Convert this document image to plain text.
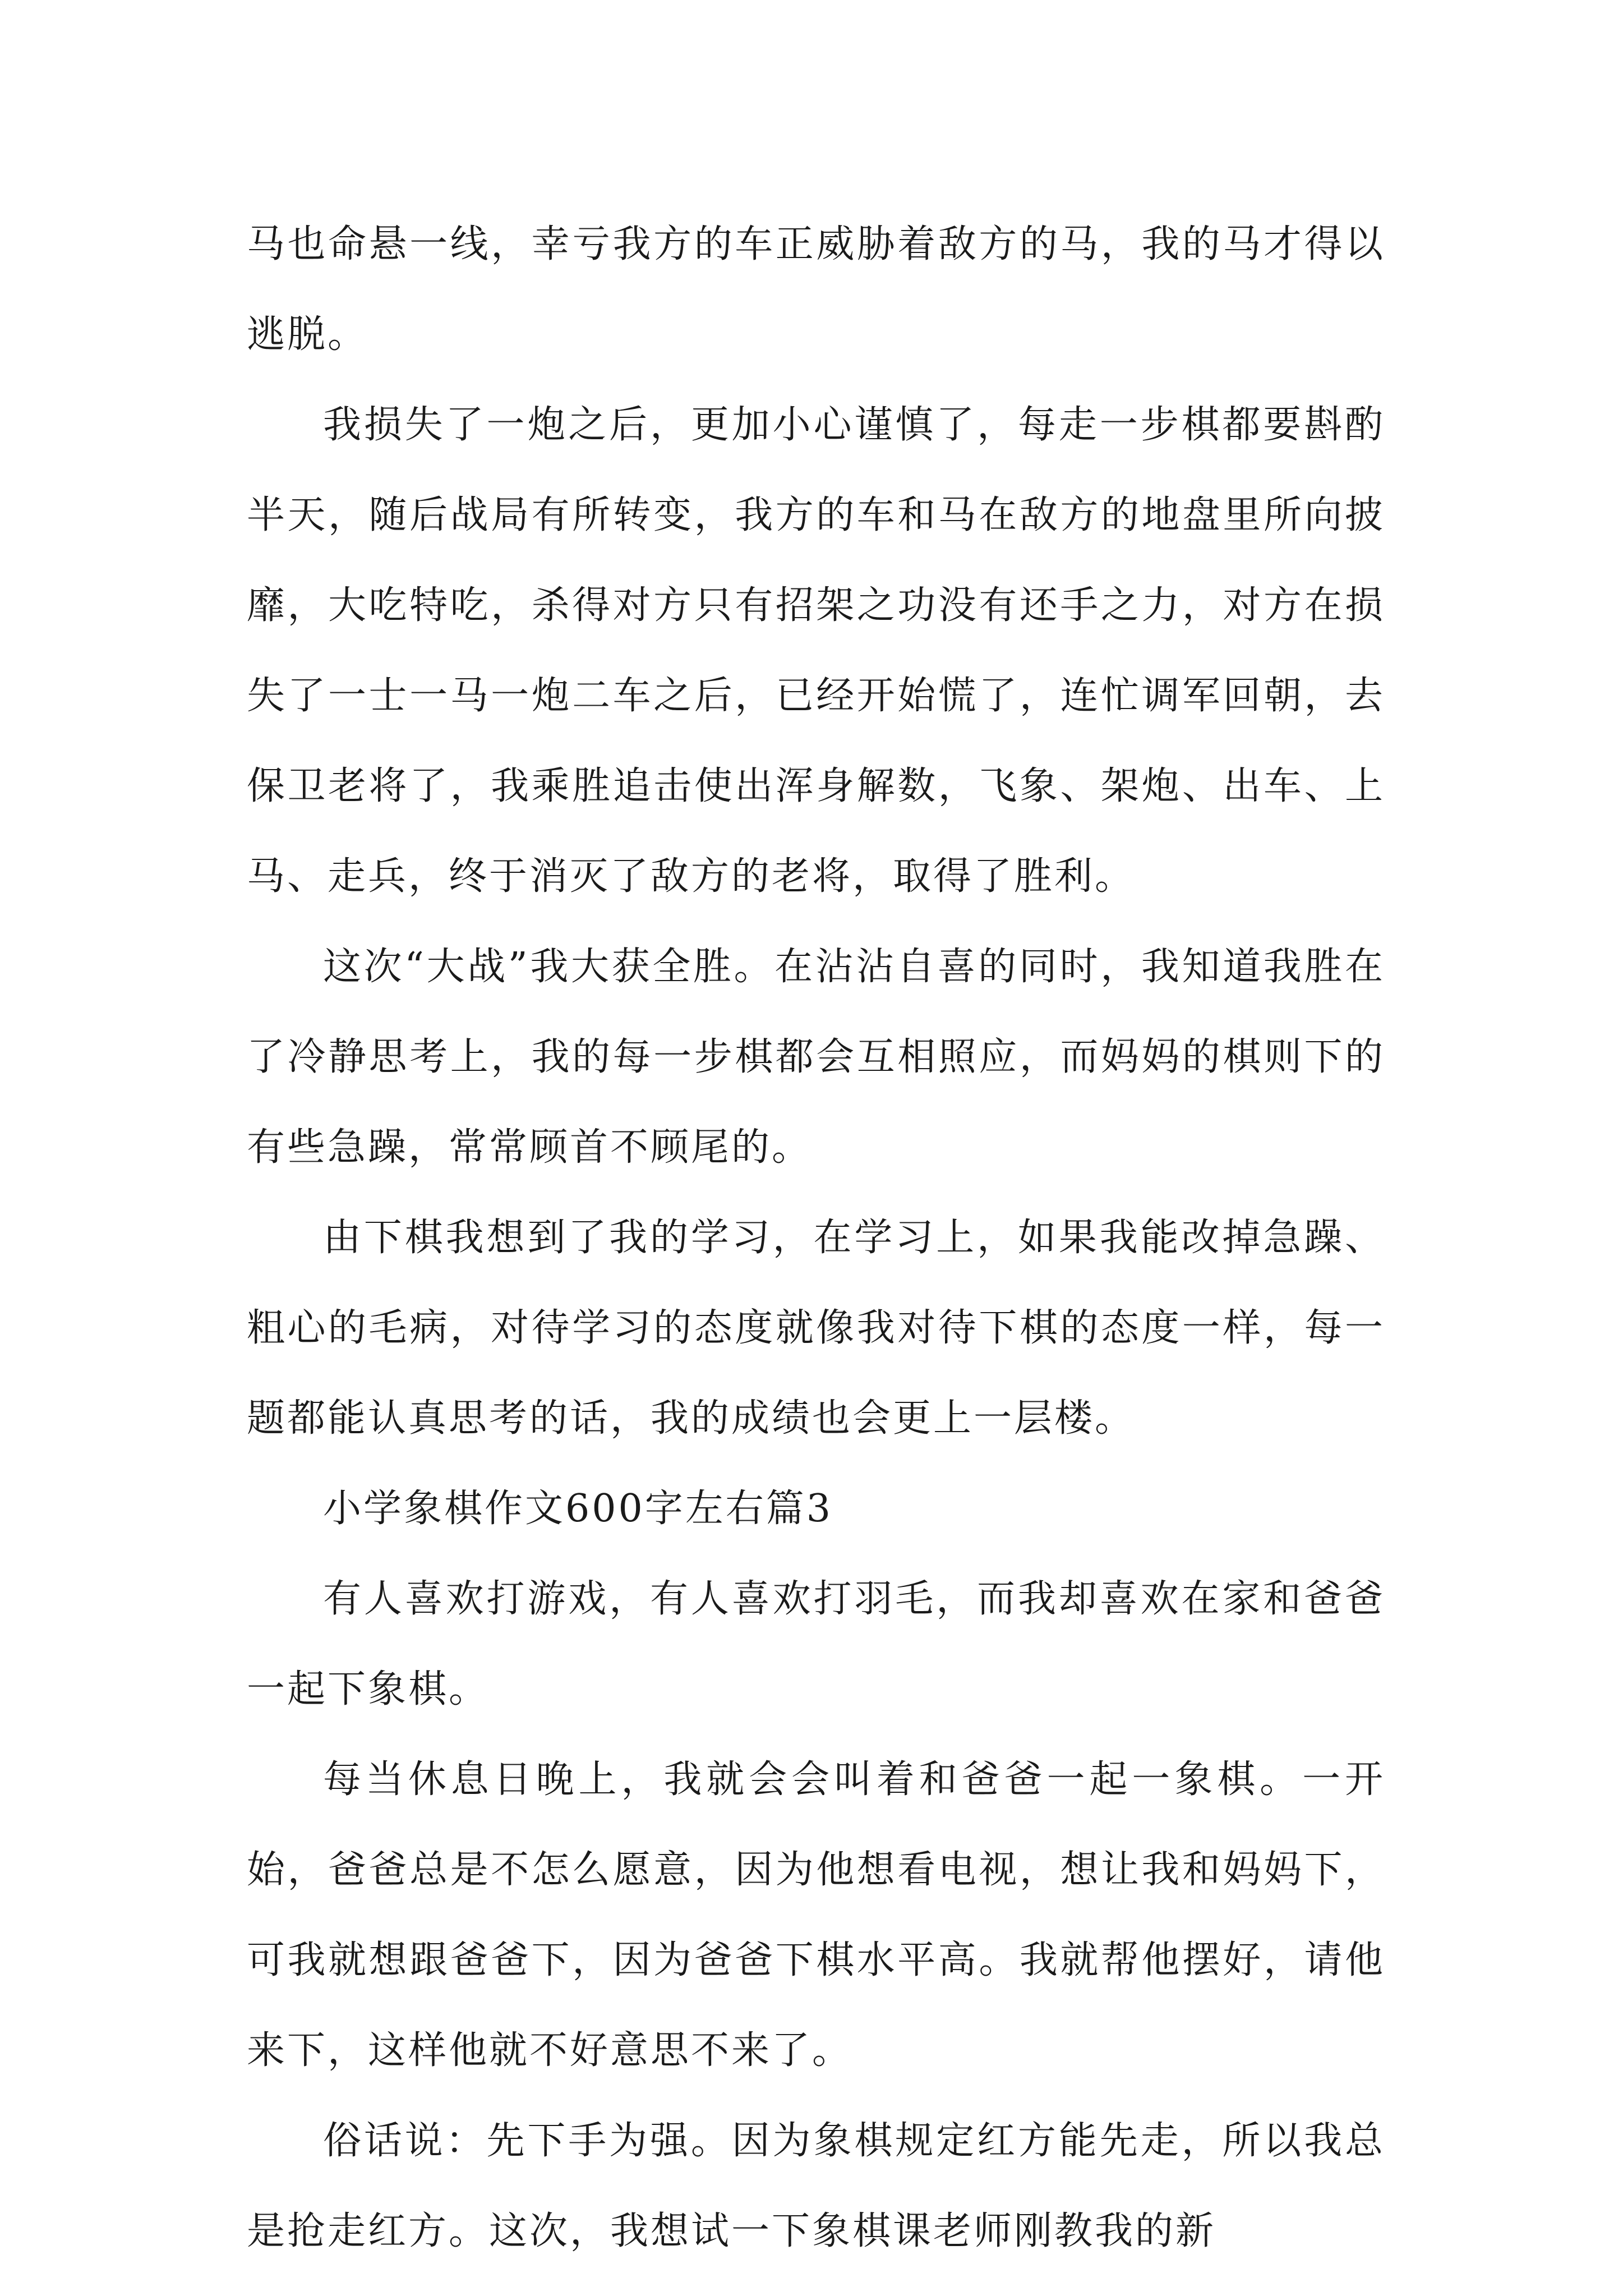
马也命悬一线，幸亏我方的车正威胁着敌方的马，我的马才得以逃脱。

我损失了一炮之后，更加小心谨慎了，每走一步棋都要斟酌半天，随后战局有所转变，我方的车和马在敌方的地盘里所向披靡，大吃特吃，杀得对方只有招架之功没有还手之力，对方在损失了一士一马一炮二车之后，已经开始慌了，连忙调军回朝，去保卫老将了，我乘胜追击使出浑身解数，飞象、架炮、出车、上马、走兵，终于消灭了敌方的老将，取得了胜利。

这次“大战”我大获全胜。在沾沾自喜的同时，我知道我胜在了冷静思考上，我的每一步棋都会互相照应，而妈妈的棋则下的有些急躁，常常顾首不顾尾的。

由下棋我想到了我的学习，在学习上，如果我能改掉急躁、粗心的毛病，对待学习的态度就像我对待下棋的态度一样，每一题都能认真思考的话，我的成绩也会更上一层楼。

小学象棋作文600字左右篇3

有人喜欢打游戏，有人喜欢打羽毛，而我却喜欢在家和爸爸一起下象棋。

每当休息日晚上，我就会会叫着和爸爸一起一象棋。一开始，爸爸总是不怎么愿意，因为他想看电视，想让我和妈妈下，可我就想跟爸爸下，因为爸爸下棋水平高。我就帮他摆好，请他来下，这样他就不好意思不来了。

俗话说：先下手为强。因为象棋规定红方能先走，所以我总是抢走红方。这次，我想试一下象棋课老师刚教我的新
